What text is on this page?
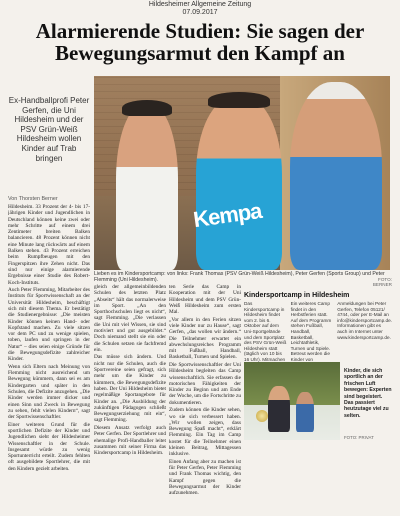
Hildesheimer Allgemeine Zeitung
07.09.2017
Alarmierende Studien: Sie sagen der Bewegungsarmut den Kampf an
Ex-Handballprofi Peter Gerfen, die Uni Hildesheim und der PSV Grün-Weiß Hildesheim wollen Kinder auf Trab bringen
Kempa
Lieben es im Kindersportcamp: von links: Frank Thomas (PSV Grün-Weiß Hildesheim), Peter Gerfen (Sports Group) und Peter Flemming (Uni Hildesheim).	FOTO: BERNER
Von Thorsten Berner

Hildesheim. 33 Prozent der 4- bis 17-jährigen Kinder und Jugendlichen in Deutschland können keine zwei oder mehr Schritte auf einem drei Zentimeter breiten Balken balancieren. 48 Prozent können nicht eine Minute lang rückwärts auf einem Balken stehen. 43 Prozent erreichen beim Rumpfbeugen mit den Fingerspitzen ihre Zehen nicht. Das sind nur einige alarmierende Ergebnisse einer Studie des Robert-Koch-Instituts.

Auch Peter Flemming, Mitarbeiter des Instituts für Sportwissenschaft an der Universität Hildesheim, beschäftigt sich mit diesem Thema. Er bestätigt die Studienergebnisse: „Die meisten Kinder können keinen Hand- oder Kopfstand machen. Zu viele sitzen vor dem PC und zu wenige spielen, toben, laufen und springen in der Natur“ – dies seien einige Gründe für die Bewegungsdefizite zahlreicher Kinder.

Wenn sich Eltern nach Meinung von Flemming nicht ausreichend um Bewegung kümmern, dann sei es am Kindergarten und später in den Schulen, die Defizite anzugehen. „Die Kinder werden immer dicker und einen Sinn und Zweck in Bewegung zu sehen, fehlt vielen Kindern“, sagt der Sportwissenschaftler.

Einer weiteren Grund für die sportlichen Defizite der Kinder und Jugendlichen sieht der Hildesheimer Wissenschaftler in der Schule. Insgesamt würde zu wenig Sportunterricht erteilt. Zudem fehlten oft ausgebildete Sportlehrer, die mit den Kindern gezielt arbeiten.

gleich der allgemeinbildenden Schulen des letzten Platz „Abseits“ hält das normalerweise im Sport. „An den Sporthochschulen liegt es nicht“, sagt Flemming. „Die verlassen die Uni mit viel Wissen, sie sind motiviert und gut ausgebildet.“ Doch niemand stellt sie ein oder die Schulen setzen sie fachfremd ein.

Das müsse sich ändern. Und nicht nur die Schulen, auch die Sportvereine seien gefragt, sich mehr um die Kinder zu kümmern, die Bewegungsdefizite haben. Der Uni Hildesheim bietet regelmäßige Sportangebote für Kinder an. „Die Ausbildung der zukünftigen Pädagogen schließt Bewegungserziehung mit ein“, sagt Flemming.

Diesem Ansatz verfolgt auch Peter Gerfen. Der Sportlehrer und ehemalige Profi-Handballer leitet zusammen mit seiner Firma das Kindersportcamp in Hildesheim.

ten Serie das Camp in Kooperation mit der Uni Hildesheim und dem PSV Grün-Weiß Hildesheim zum ersten Mal.

„Vor allem in den Ferien sitzen viele Kinder nur zu Hause“, sagt Gerfen, „das wollen wir ändern.“ Die Teilnehmer erwartet ein abwechslungsreiches Programm mit Fußball, Handball, Basketball, Turnen und Spielen.

Die Sportwissenschaftler der Uni Hildesheim begleiten das Camp wissenschaftlich. Sie erfassen die motorischen Fähigkeiten der Kinder zu Beginn und am Ende der Woche, um die Fortschritte zu dokumentieren.

Zudem können die Kinder sehen, wo sie sich verbessert haben. „Wir wollen zeigen, dass Bewegung Spaß macht“, erklärt Flemming. Ein Tag im Camp kostet für die Teilnehmer einen kleinen Beitrag, Mittagessen inklusive.

Einen Anfang aber zu machen ist für Peter Gerfen, Peter Flemming und Frank Thomas wichtig, den Kampf gegen die Bewegungsarmut der Kinder aufzunehmen.

Kindersportcamp in Hildesheim
Das Kindersportcamp in Hildesheim findet vom 2. bis 6. Oktober auf dem Uni-Sportgelände und dem Sportplatz des PSV Grün-Weiß Hildesheim statt (täglich von 10 bis 16 Uhr). Mitmachen
Ein weiteres Camp findet in den Herbstferien statt. Auf dem Programm stehen Fußball, Handball, Basketball, Leichtathletik, Turnen und Spiele. Betreut werden die Kinder von
Anmeldungen bei Peter Gerfen, Telefon 05121/ 4744, oder per E-Mail an info@kindersportcamp.de. Informationen gibt es auch im Internet unter www.kindersportcamp.de.
Kinder, die sich sportlich an der frischen Luft bewegen: Experten sind begeistert. Das passiert heutzutage viel zu selten.
FOTO: PRIVAT
